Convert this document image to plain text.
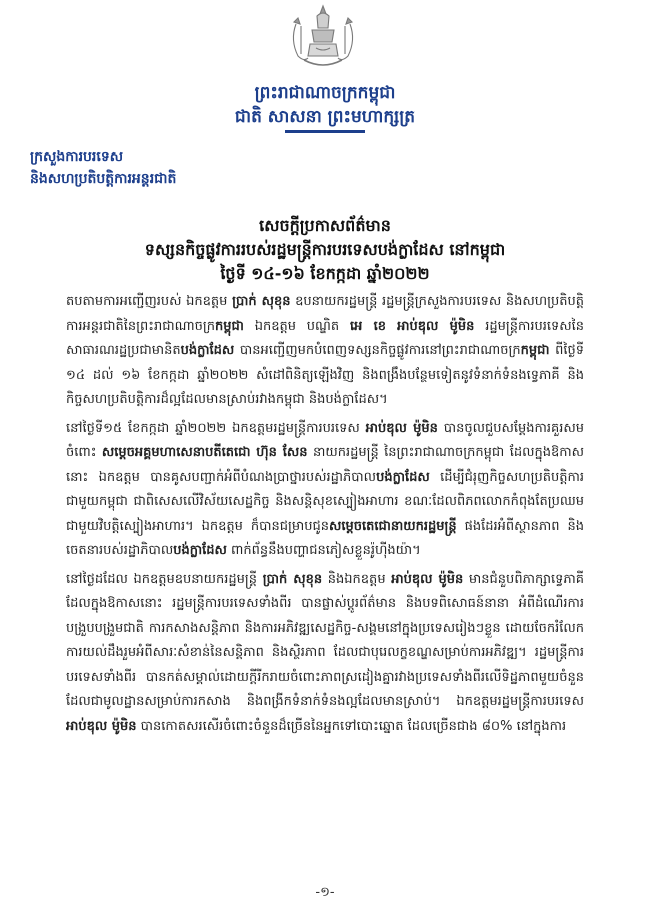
ព្រះរាជាណាចក្រកម្ពុជា
ជាតិ សាសនា ព្រះមហាក្សត្រ
ក្រសួងការបរទេស
និងសហប្រតិបត្តិការអន្តរជាតិ
សេចក្តីប្រកាសព័ត៌មាន
ទស្សនកិច្ចផ្លូវការរបស់រដ្ឋមន្ត្រីការបរទេសបង់ក្លាដែស នៅកម្ពុជា
ថ្ងៃទី ១៤-១៦ ខែកក្កដា ឆ្នាំ២០២២

តបតាមការអញ្ជើញរបស់ ឯកឧត្តម ប្រាក់ សុខុន ឧបនាយករដ្ឋមន្ត្រី រដ្ឋមន្ត្រីក្រសួងការបរទេស និងសហប្រតិបត្តិការអន្តរជាតិនៃព្រះរាជាណាចក្រកម្ពុជា ឯកឧត្តម បណ្ឌិត អេ ខេ អាប់ឌុល ម៉ូមិន រដ្ឋមន្ត្រីការបរទេសនៃសាធារណរដ្ឋប្រជាមានិតបង់ក្លាដែស បានអញ្ជើញមកបំពេញទស្សនកិច្ចផ្លូវការនៅព្រះរាជាណាចក្រកម្ពុជា ពីថ្ងៃទី ១៤ ដល់ ១៦ ខែកក្កដា ឆ្នាំ២០២២ សំដៅពិនិត្យឡើងវិញ និងពង្រឹងបន្ថែមទៀតនូវទំនាក់ទំនងទ្វេភាគី និងកិច្ចសហប្រតិបត្តិការដ៏ល្អដែលមានស្រាប់រវាងកម្ពុជា និងបង់ក្លាដែស។

នៅថ្ងៃទី១៥ ខែកក្កដា ឆ្នាំ២០២២ ឯកឧត្តមរដ្ឋមន្ត្រីការបរទេស អាប់ឌុល ម៉ូមិន បានចូលជួបសម្តែងការគួរសមចំពោះ សម្តេចអគ្គមហាសេនាបតីតេជោ ហ៊ុន សែន នាយករដ្ឋមន្ត្រី នៃព្រះរាជាណាចក្រកម្ពុជា ដែលក្នុងឱកាសនោះ ឯកឧត្តម បានគូសបញ្ជាក់អំពីបំណងប្រាថ្នារបស់រដ្ឋាភិបាលបង់ក្លាដែស ដើម្បីជំរុញកិច្ចសហប្រតិបត្តិការជាមួយកម្ពុជា ជាពិសេសលើវិស័យសេដ្ឋកិច្ច និងសន្តិសុខស្បៀងអាហារ ខណៈដែលពិភពលោកកំពុងតែប្រឈមជាមួយវិបត្តិស្បៀងអាហារ។ ឯកឧត្តម ក៏បានជម្រាបជូនសម្តេចតេជោនាយករដ្ឋមន្ត្រី ផងដែរអំពីស្ថានភាព និងចេតនារបស់រដ្ឋាភិបាលបង់ក្លាដែស ពាក់ព័ន្ធនឹងបញ្ហាជនភៀសខ្លួនរ៉ូហ៊ីងយ៉ា។

នៅថ្ងៃដដែល ឯកឧត្តមឧបនាយករដ្ឋមន្ត្រី ប្រាក់ សុខុន និងឯកឧត្តម អាប់ឌុល ម៉ូមិន មានជំនួបពិភាក្សាទ្វេភាគី ដែលក្នុងឱកាសនោះ រដ្ឋមន្ត្រីការបរទេសទាំងពីរ បានផ្លាស់ប្តូរព័ត៌មាន និងបទពិសោធន៍នានា អំពីដំណើរការបង្រួបបង្រួមជាតិ ការកសាងសន្តិភាព និងការអភិវឌ្ឍសេដ្ឋកិច្ច-សង្គមនៅក្នុងប្រទេសរៀងៗខ្លួន ដោយចែករំលែកការយល់ដឹងរួមអំពីសារៈសំខាន់នៃសន្តិភាព និងស្ថិរភាព ដែលជាបុរេលក្ខខណ្ឌសម្រាប់ការអភិវឌ្ឍ។ រដ្ឋមន្ត្រីការបរទេសទាំងពីរ បានកត់សម្គាល់ដោយក្តីរីករាយចំពោះភាពស្រដៀងគ្នារវាងប្រទេសទាំងពីរលើទិដ្ឋភាពមួយចំនួន ដែលជាមូលដ្ឋានសម្រាប់ការកសាង និងពង្រីកទំនាក់ទំនងល្អដែលមានស្រាប់។ ឯកឧត្តមរដ្ឋមន្ត្រីការបរទេស អាប់ឌុល ម៉ូមិន បានកោតសរសើរចំពោះចំនួនដ៏ច្រើននៃអ្នកទៅបោះឆ្នោត ដែលច្រើនជាង ៨០% នៅក្នុងការ

-១-
